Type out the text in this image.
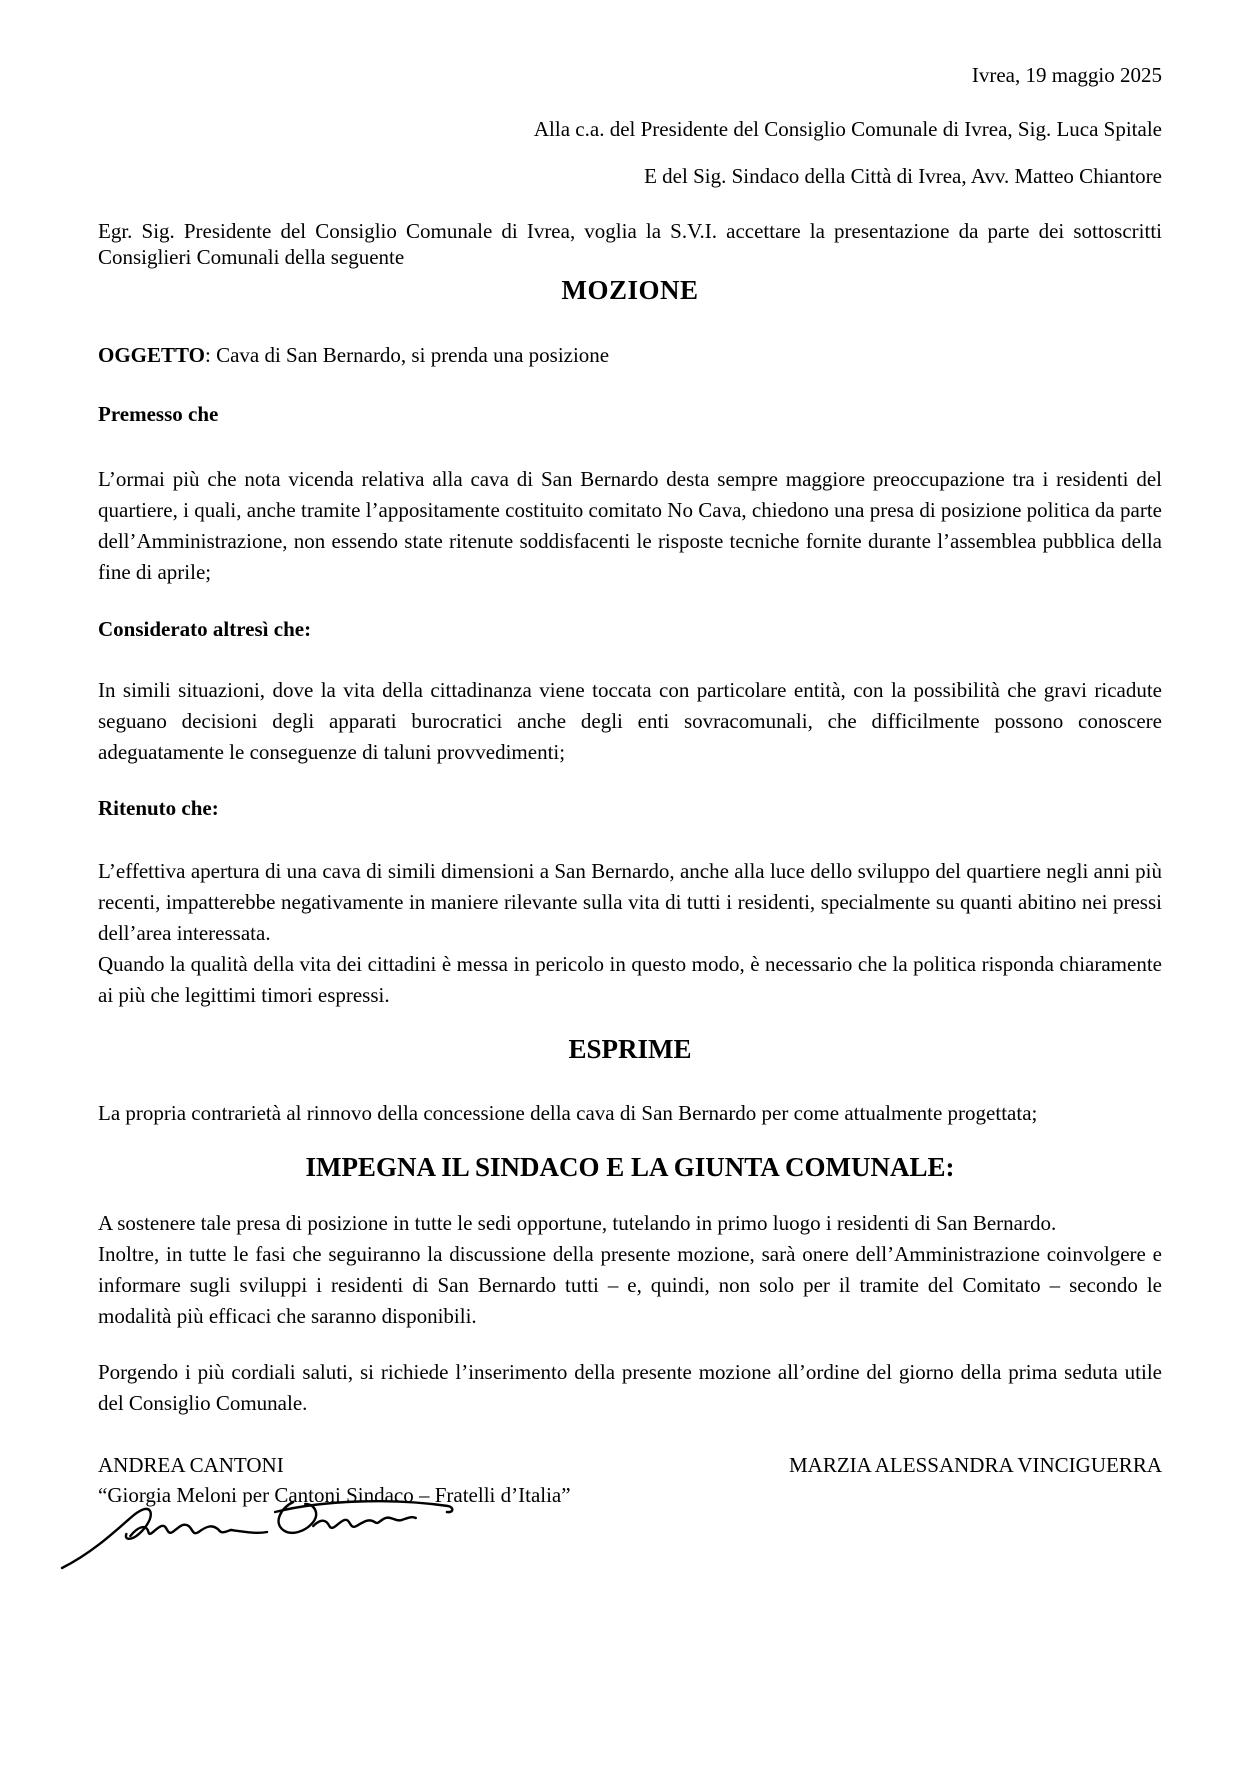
Ivrea, 19 maggio 2025

Alla c.a. del Presidente del Consiglio Comunale di Ivrea, Sig. Luca Spitale

E del Sig. Sindaco della Città di Ivrea, Avv. Matteo Chiantore

Egr. Sig. Presidente del Consiglio Comunale di Ivrea, voglia la S.V.I. accettare la presentazione da parte dei sottoscritti Consiglieri Comunali della seguente

MOZIONE

OGGETTO: Cava di San Bernardo, si prenda una posizione

Premesso che

L’ormai più che nota vicenda relativa alla cava di San Bernardo desta sempre maggiore preoccupazione tra i residenti del quartiere, i quali, anche tramite l’appositamente costituito comitato No Cava, chiedono una presa di posizione politica da parte dell’Amministrazione, non essendo state ritenute soddisfacenti le risposte tecniche fornite durante l’assemblea pubblica della fine di aprile;

Considerato altresì che:

In simili situazioni, dove la vita della cittadinanza viene toccata con particolare entità, con la possibilità che gravi ricadute seguano decisioni degli apparati burocratici anche degli enti sovracomunali, che difficilmente possono conoscere adeguatamente le conseguenze di taluni provvedimenti;

Ritenuto che:

L’effettiva apertura di una cava di simili dimensioni a San Bernardo, anche alla luce dello sviluppo del quartiere negli anni più recenti, impatterebbe negativamente in maniere rilevante sulla vita di tutti i residenti, specialmente su quanti abitino nei pressi dell’area interessata.

Quando la qualità della vita dei cittadini è messa in pericolo in questo modo, è necessario che la politica risponda chiaramente ai più che legittimi timori espressi.

ESPRIME

La propria contrarietà al rinnovo della concessione della cava di San Bernardo per come attualmente progettata;

IMPEGNA IL SINDACO E LA GIUNTA COMUNALE:

A sostenere tale presa di posizione in tutte le sedi opportune, tutelando in primo luogo i residenti di San Bernardo.

Inoltre, in tutte le fasi che seguiranno la discussione della presente mozione, sarà onere dell’Amministrazione coinvolgere e informare sugli sviluppi i residenti di San Bernardo tutti – e, quindi, non solo per il tramite del Comitato – secondo le modalità più efficaci che saranno disponibili.

Porgendo i più cordiali saluti, si richiede l’inserimento della presente mozione all’ordine del giorno della prima seduta utile del Consiglio Comunale.

ANDREA CANTONI	MARZIA ALESSANDRA VINCIGUERRA

“Giorgia Meloni per Cantoni Sindaco – Fratelli d’Italia”
